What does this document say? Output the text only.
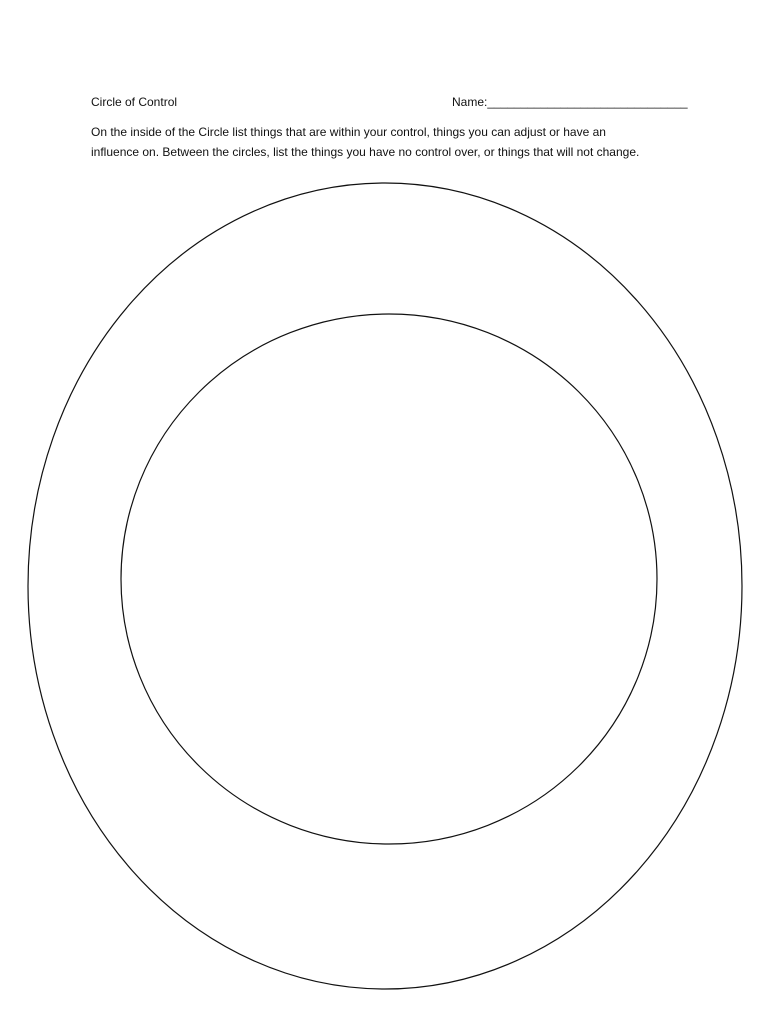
Circle of Control	Name:______________________________
On the inside of the Circle list things that are within your control, things you can adjust or have an
influence on. Between the circles, list the things you have no control over, or things that will not change.
